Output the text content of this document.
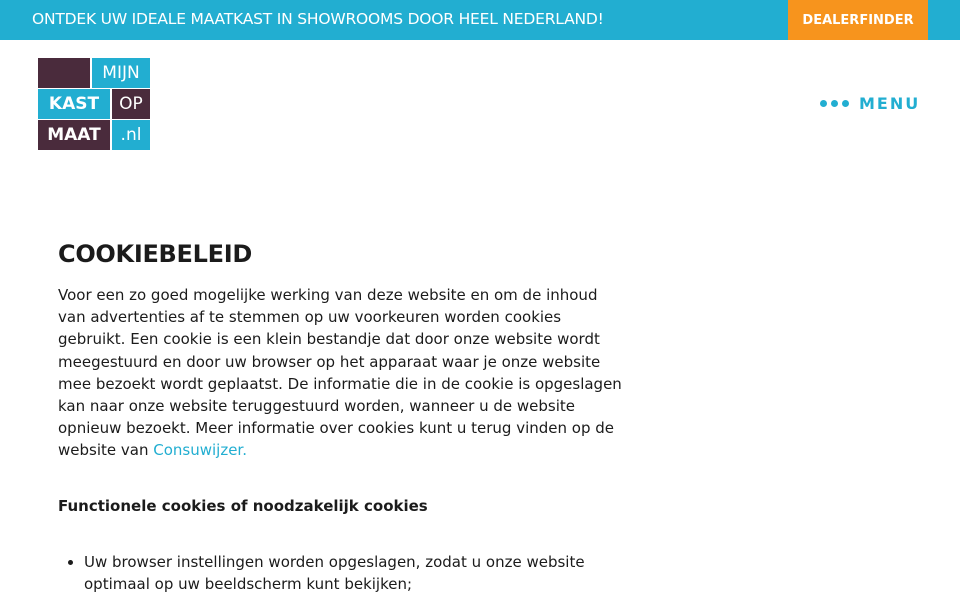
ONTDEK UW IDEALE MAATKAST IN SHOWROOMS DOOR HEEL NEDERLAND!	DEALERFINDER
MIJN
KAST	OP
MAAT	.nl
MENU
COOKIEBELEID

Voor een zo goed mogelijke werking van deze website en om de inhoud van advertenties af te stemmen op uw voorkeuren worden cookies gebruikt. Een cookie is een klein bestandje dat door onze website wordt meegestuurd en door uw browser op het apparaat waar je onze website mee bezoekt wordt geplaatst. De informatie die in de cookie is opgeslagen kan naar onze website teruggestuurd worden, wanneer u de website opnieuw bezoekt. Meer informatie over cookies kunt u terug vinden op de website van Consuwijzer.

Functionele cookies of noodzakelijk cookies

• Uw browser instellingen worden opgeslagen, zodat u onze website optimaal op uw beeldscherm kunt bekijken;
